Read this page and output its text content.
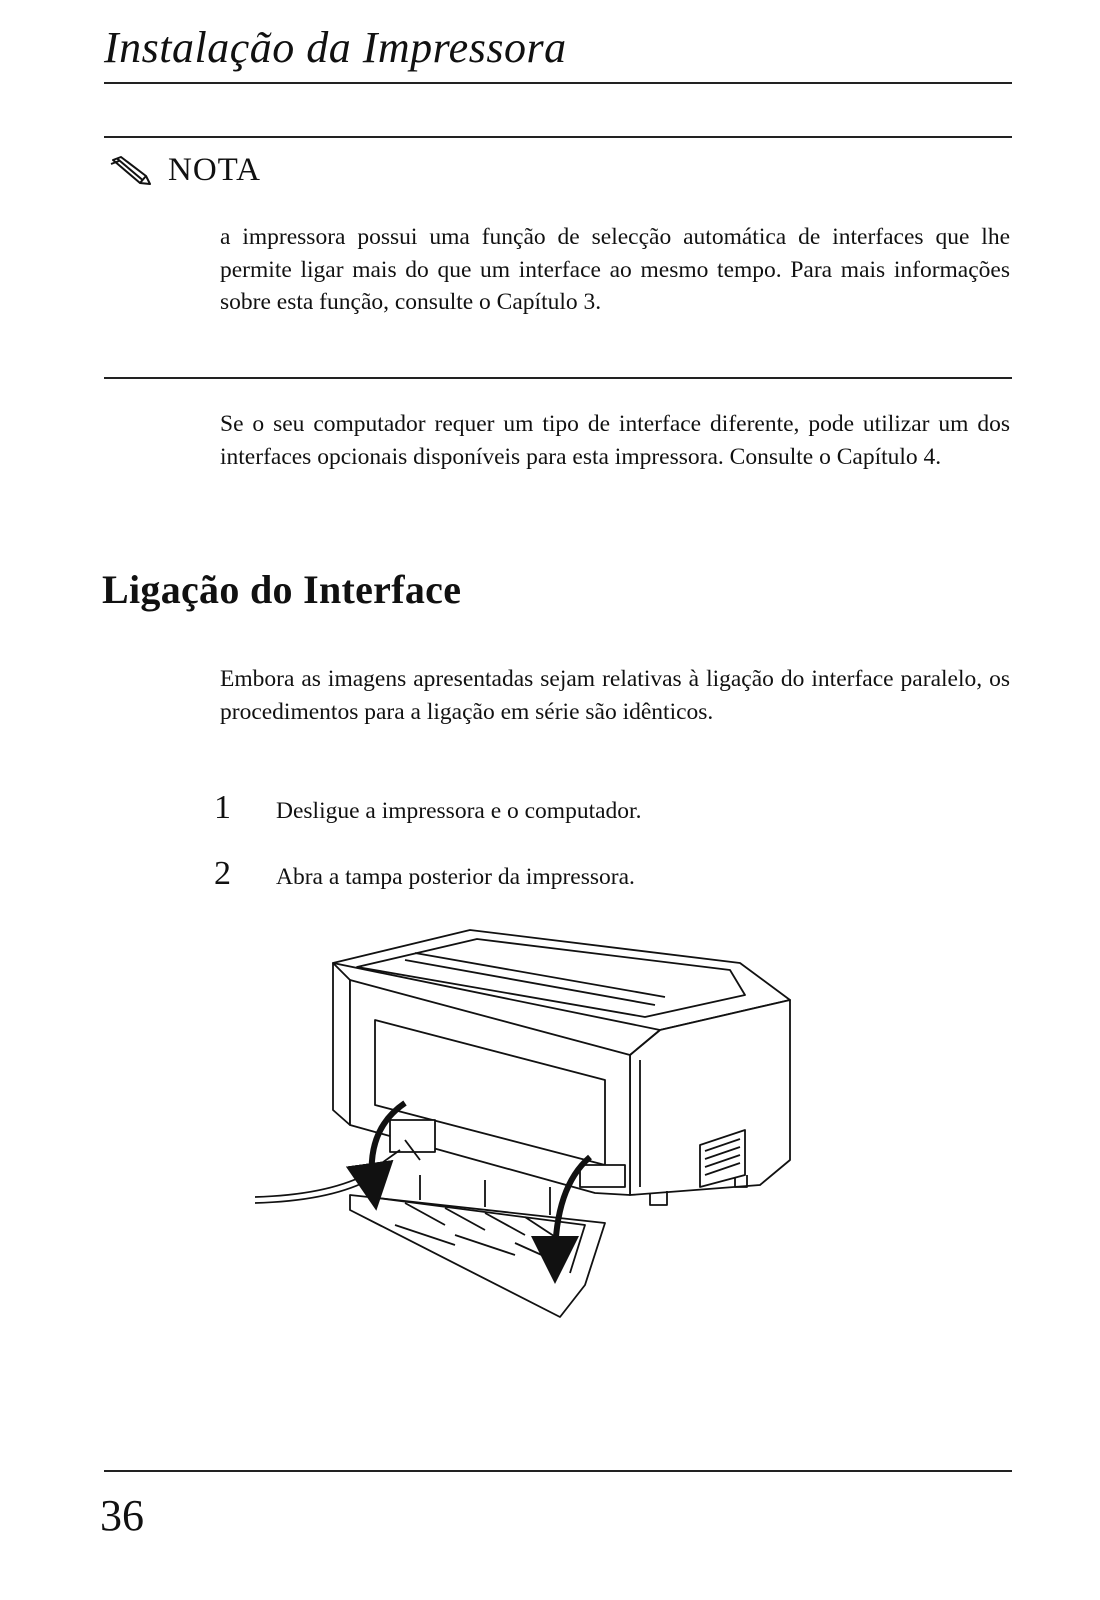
Instalação da Impressora
NOTA
a impressora possui uma função de selecção automática de interfaces que lhe permite ligar mais do que um interface ao mesmo tempo. Para mais informações sobre esta função, consulte o Capítulo 3.
Se o seu computador requer um tipo de interface diferente, pode utilizar um dos interfaces opcionais disponíveis para esta impressora. Consulte o Capítulo 4.
Ligação do Interface
Embora as imagens apresentadas sejam relativas à ligação do interface paralelo, os procedimentos para a ligação em série são idênticos.
1	Desligue a impressora e o computador.
2	Abra a tampa posterior da impressora.
36
